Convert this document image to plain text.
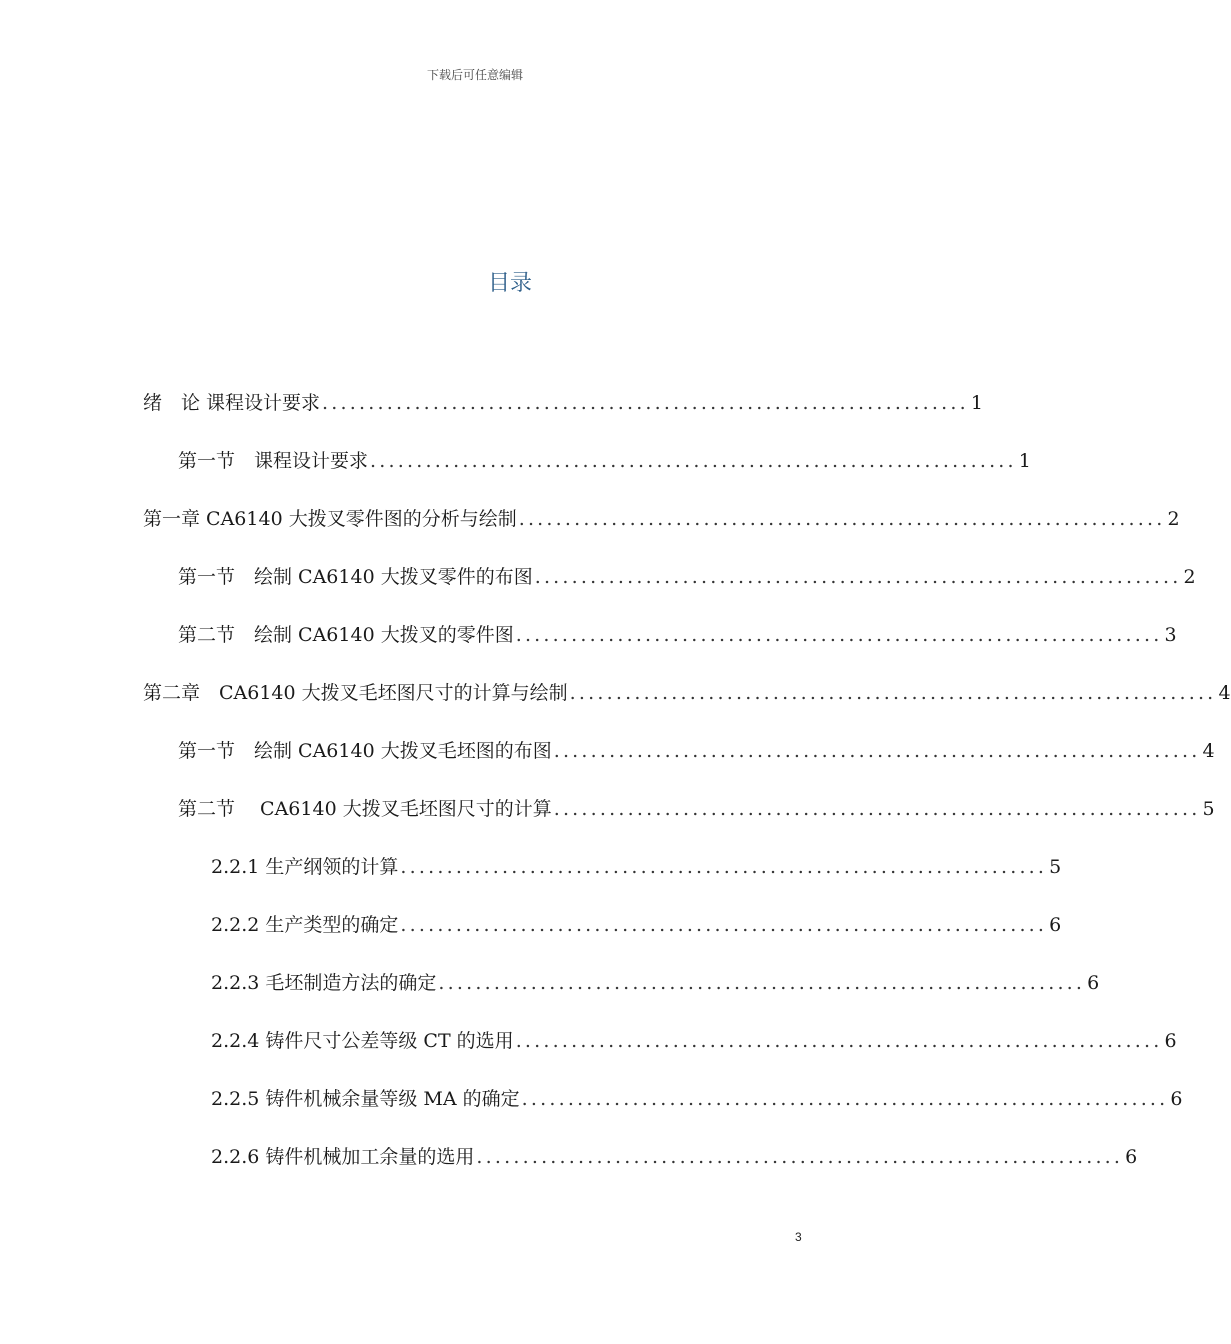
下载后可任意编辑
目录
绪　论 课程设计要求 ...................................................................... 1
第一节　课程设计要求 ...................................................................... 1
第一章 CA6140 大拨叉零件图的分析与绘制 ...................................................................... 2
第一节　绘制 CA6140 大拨叉零件的布图 ...................................................................... 2
第二节　绘制 CA6140 大拨叉的零件图 ...................................................................... 3
第二章　CA6140 大拨叉毛坯图尺寸的计算与绘制 ...................................................................... 4
第一节　绘制 CA6140 大拨叉毛坯图的布图 ...................................................................... 4
第二节　 CA6140 大拨叉毛坯图尺寸的计算 ...................................................................... 5
2.2.1 生产纲领的计算 ...................................................................... 5
2.2.2 生产类型的确定 ...................................................................... 6
2.2.3 毛坯制造方法的确定 ...................................................................... 6
2.2.4 铸件尺寸公差等级 CT 的选用 ...................................................................... 6
2.2.5 铸件机械余量等级 MA 的确定 ...................................................................... 6
2.2.6 铸件机械加工余量的选用 ...................................................................... 6
3
